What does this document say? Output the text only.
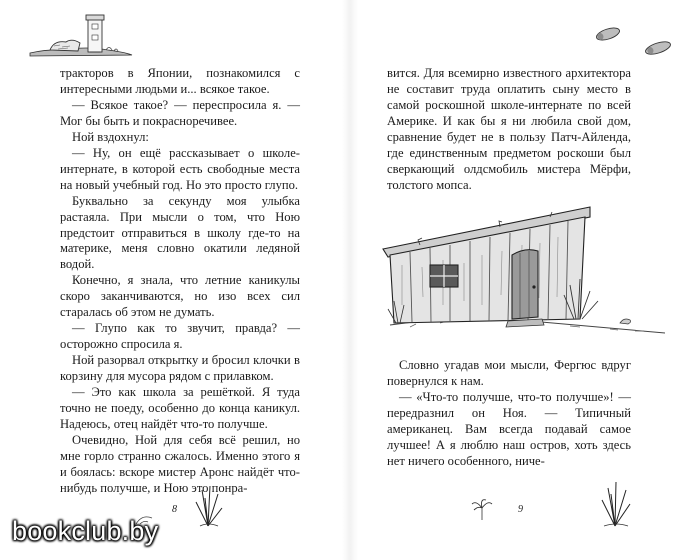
тракторов в Японии, познакомился с интересными людьми и... всякое такое.

— Всякое такое? — переспросила я. — Мог бы быть и покрасноречивее.

Ной вздохнул:

— Ну, он ещё рассказывает о школе-интернате, в которой есть свободные места на новый учебный год. Но это просто глупо.

Буквально за секунду моя улыбка растаяла. При мысли о том, что Ною предстоит отправиться в школу где-то на материке, меня словно окатили ледяной водой.

Конечно, я знала, что летние каникулы скоро заканчиваются, но изо всех сил старалась об этом не думать.

— Глупо как то звучит, правда? — осторожно спросила я.

Ной разорвал открытку и бросил клочки в корзину для мусора рядом с прилавком.

— Это как школа за решёткой. Я туда точно не поеду, особенно до конца каникул. Надеюсь, отец найдёт что-то получше.

Очевидно, Ной для себя всё решил, но мне горло странно сжалось. Именно этого я и боялась: вскоре мистер Аронс найдёт что-нибудь получше, и Ною это понра-

8

вится. Для всемирно известного архитектора не составит труда оплатить сыну место в самой роскошной школе-интернате по всей Америке. И как бы я ни любила свой дом, сравнение будет не в пользу Патч-Айленда, где единственным предметом роскоши был сверкающий олдсмобиль мистера Мёрфи, толстого мопса.

Словно угадав мои мысли, Фергюс вдруг повернулся к нам.

— «Что-то получше, что-то получше»! — передразнил он Ноя. — Типичный американец. Вам всегда подавай самое лучшее! А я люблю наш остров, хоть здесь нет ничего особенного, ниче-

9
bookclub.by
